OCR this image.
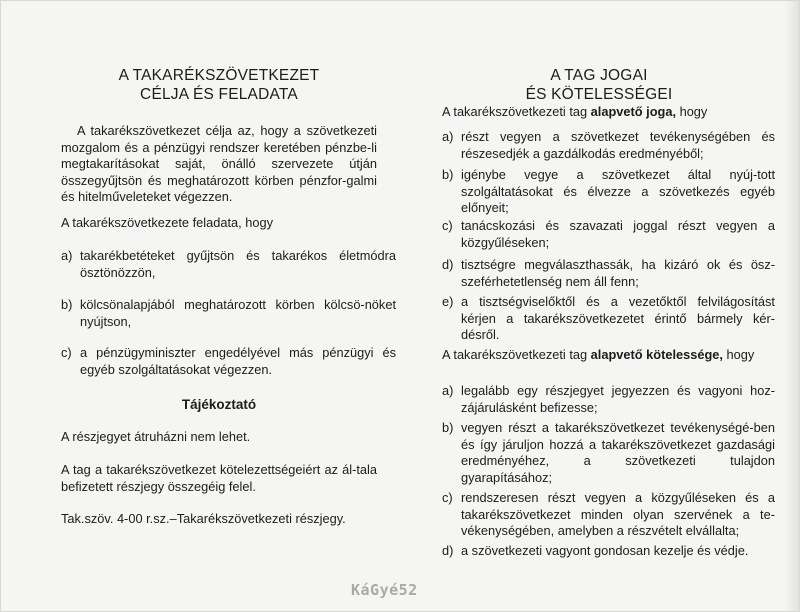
A TAKARÉKSZÖVETKEZET
CÉLJA ÉS FELADATA

A takarékszövetkezet célja az, hogy a szövetkezeti mozgalom és a pénzügyi rendszer keretében pénzbe-li megtakarításokat saját, önálló szervezete útján összegyűjtsön és meghatározott körben pénzfor-galmi és hitelműveleteket végezzen.

A takarékszövetkezete feladata, hogy

a) takarékbetéteket gyűjtsön és takarékos életmódra ösztönözzön,
b) kölcsönalapjából meghatározott körben kölcsö-nöket nyújtson,
c) a pénzügyminiszter engedélyével más pénzügyi és egyéb szolgáltatásokat végezzen.

Tájékoztató

A részjegyet átruházni nem lehet.

A tag a takarékszövetkezet kötelezettségeiért az ál-tala befizetett részjegy összegéig felel.

Tak.szöv. 4-00 r.sz.–Takarékszövetkezeti részjegy.

A TAG JOGAI
ÉS KÖTELESSÉGEI

A takarékszövetkezeti tag alapvető joga, hogy

a) részt vegyen a szövetkezet tevékenységében és részesedjék a gazdálkodás eredményéből;
b) igénybe vegye a szövetkezet által nyúj-tott szolgáltatásokat és élvezze a szövetkezés egyéb előnyeit;
c) tanácskozási és szavazati joggal részt vegyen a közgyűléseken;
d) tisztségre megválaszthassák, ha kizáró ok és ösz-szeférhetetlenség nem áll fenn;
e) a tisztségviselőktől és a vezetőktől felvilágosítást kérjen a takarékszövetkezetet érintő bármely kér-désről.

A takarékszövetkezeti tag alapvető kötelessége, hogy

a) legalább egy részjegyet jegyezzen és vagyoni hoz-zájárulásként befizesse;
b) vegyen részt a takarékszövetkezet tevékenységé-ben és így járuljon hozzá a takarékszövetkezet gazdasági eredményéhez, a szövetkezeti tulajdon gyarapításához;
c) rendszeresen részt vegyen a közgyűléseken és a takarékszövetkezet minden olyan szervének a te-vékenységében, amelyben a részvételt elvállalta;
d) a szövetkezeti vagyont gondosan kezelje és védje.
KáGyé52
